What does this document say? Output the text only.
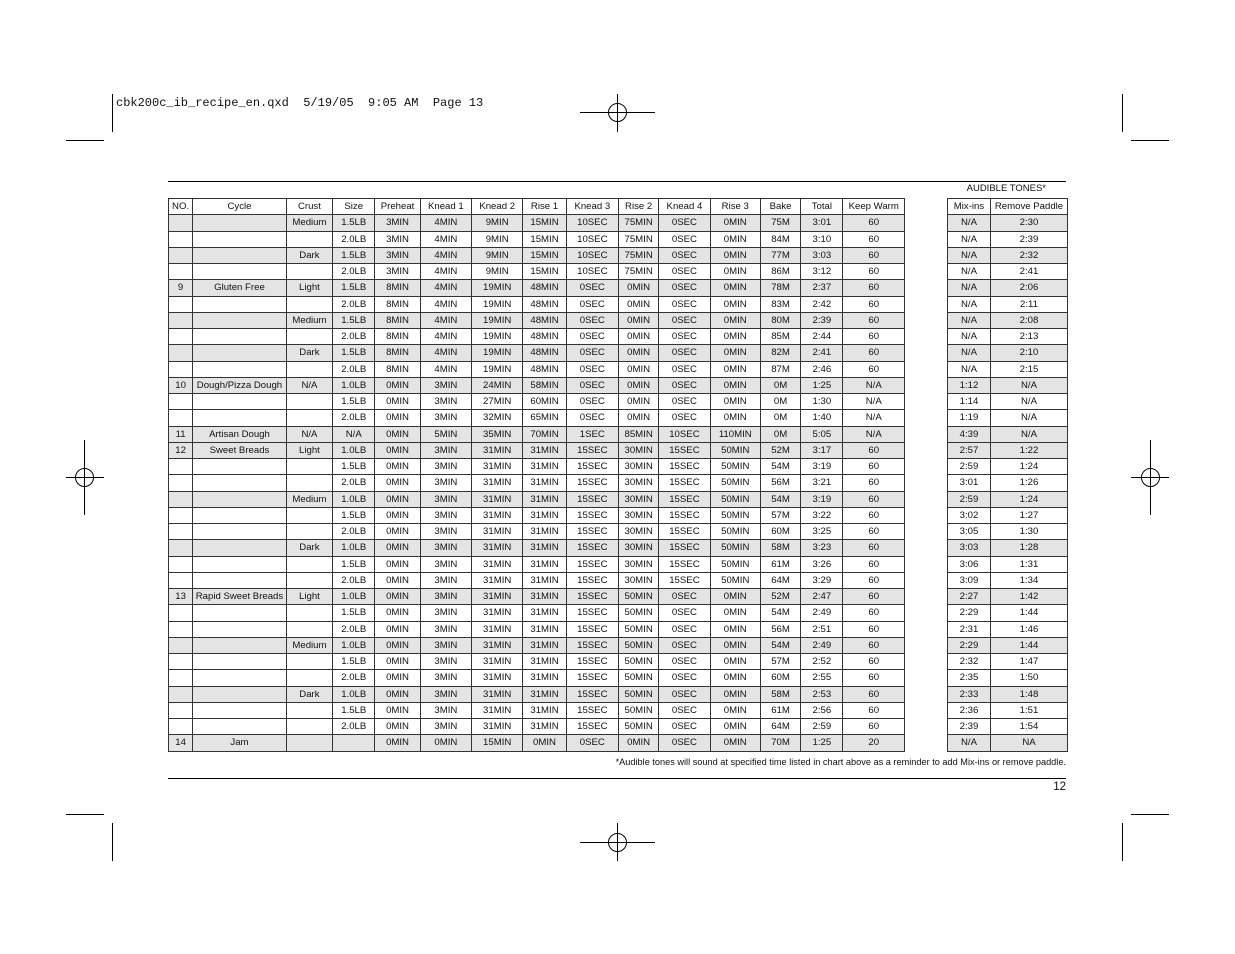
cbk200c_ib_recipe_en.qxd  5/19/05  9:05 AM  Page 13
AUDIBLE TONES*
NO.	Cycle	Crust	Size	Preheat	Knead 1	Knead 2	Rise 1	Knead 3	Rise 2	Knead 4	Rise 3	Bake	Total	Keep Warm
		Medium	1.5LB	3MIN	4MIN	9MIN	15MIN	10SEC	75MIN	0SEC	0MIN	75M	3:01	60
			2.0LB	3MIN	4MIN	9MIN	15MIN	10SEC	75MIN	0SEC	0MIN	84M	3:10	60
		Dark	1.5LB	3MIN	4MIN	9MIN	15MIN	10SEC	75MIN	0SEC	0MIN	77M	3:03	60
			2.0LB	3MIN	4MIN	9MIN	15MIN	10SEC	75MIN	0SEC	0MIN	86M	3:12	60
9	Gluten Free	Light	1.5LB	8MIN	4MIN	19MIN	48MIN	0SEC	0MIN	0SEC	0MIN	78M	2:37	60
			2.0LB	8MIN	4MIN	19MIN	48MIN	0SEC	0MIN	0SEC	0MIN	83M	2:42	60
		Medium	1.5LB	8MIN	4MIN	19MIN	48MIN	0SEC	0MIN	0SEC	0MIN	80M	2:39	60
			2.0LB	8MIN	4MIN	19MIN	48MIN	0SEC	0MIN	0SEC	0MIN	85M	2:44	60
		Dark	1.5LB	8MIN	4MIN	19MIN	48MIN	0SEC	0MIN	0SEC	0MIN	82M	2:41	60
			2.0LB	8MIN	4MIN	19MIN	48MIN	0SEC	0MIN	0SEC	0MIN	87M	2:46	60
10	Dough/Pizza Dough	N/A	1.0LB	0MIN	3MIN	24MIN	58MIN	0SEC	0MIN	0SEC	0MIN	0M	1:25	N/A
			1.5LB	0MIN	3MIN	27MIN	60MIN	0SEC	0MIN	0SEC	0MIN	0M	1:30	N/A
			2.0LB	0MIN	3MIN	32MIN	65MIN	0SEC	0MIN	0SEC	0MIN	0M	1:40	N/A
11	Artisan Dough	N/A	N/A	0MIN	5MIN	35MIN	70MIN	1SEC	85MIN	10SEC	110MIN	0M	5:05	N/A
12	Sweet Breads	Light	1.0LB	0MIN	3MIN	31MIN	31MIN	15SEC	30MIN	15SEC	50MIN	52M	3:17	60
			1.5LB	0MIN	3MIN	31MIN	31MIN	15SEC	30MIN	15SEC	50MIN	54M	3:19	60
			2.0LB	0MIN	3MIN	31MIN	31MIN	15SEC	30MIN	15SEC	50MIN	56M	3:21	60
		Medium	1.0LB	0MIN	3MIN	31MIN	31MIN	15SEC	30MIN	15SEC	50MIN	54M	3:19	60
			1.5LB	0MIN	3MIN	31MIN	31MIN	15SEC	30MIN	15SEC	50MIN	57M	3:22	60
			2.0LB	0MIN	3MIN	31MIN	31MIN	15SEC	30MIN	15SEC	50MIN	60M	3:25	60
		Dark	1.0LB	0MIN	3MIN	31MIN	31MIN	15SEC	30MIN	15SEC	50MIN	58M	3:23	60
			1.5LB	0MIN	3MIN	31MIN	31MIN	15SEC	30MIN	15SEC	50MIN	61M	3:26	60
			2.0LB	0MIN	3MIN	31MIN	31MIN	15SEC	30MIN	15SEC	50MIN	64M	3:29	60
13	Rapid Sweet Breads	Light	1.0LB	0MIN	3MIN	31MIN	31MIN	15SEC	50MIN	0SEC	0MIN	52M	2:47	60
			1.5LB	0MIN	3MIN	31MIN	31MIN	15SEC	50MIN	0SEC	0MIN	54M	2:49	60
			2.0LB	0MIN	3MIN	31MIN	31MIN	15SEC	50MIN	0SEC	0MIN	56M	2:51	60
		Medium	1.0LB	0MIN	3MIN	31MIN	31MIN	15SEC	50MIN	0SEC	0MIN	54M	2:49	60
			1.5LB	0MIN	3MIN	31MIN	31MIN	15SEC	50MIN	0SEC	0MIN	57M	2:52	60
			2.0LB	0MIN	3MIN	31MIN	31MIN	15SEC	50MIN	0SEC	0MIN	60M	2:55	60
		Dark	1.0LB	0MIN	3MIN	31MIN	31MIN	15SEC	50MIN	0SEC	0MIN	58M	2:53	60
			1.5LB	0MIN	3MIN	31MIN	31MIN	15SEC	50MIN	0SEC	0MIN	61M	2:56	60
			2.0LB	0MIN	3MIN	31MIN	31MIN	15SEC	50MIN	0SEC	0MIN	64M	2:59	60
14	Jam			0MIN	0MIN	15MIN	0MIN	0SEC	0MIN	0SEC	0MIN	70M	1:25	20
Mix-ins	Remove Paddle
N/A	2:30
N/A	2:39
N/A	2:32
N/A	2:41
N/A	2:06
N/A	2:11
N/A	2:08
N/A	2:13
N/A	2:10
N/A	2:15
1:12	N/A
1:14	N/A
1:19	N/A
4:39	N/A
2:57	1:22
2:59	1:24
3:01	1:26
2:59	1:24
3:02	1:27
3:05	1:30
3:03	1:28
3:06	1:31
3:09	1:34
2:27	1:42
2:29	1:44
2:31	1:46
2:29	1:44
2:32	1:47
2:35	1:50
2:33	1:48
2:36	1:51
2:39	1:54
N/A	NA
*Audible tones will sound at specified time listed in chart above as a reminder to add Mix-ins or remove paddle.
12
